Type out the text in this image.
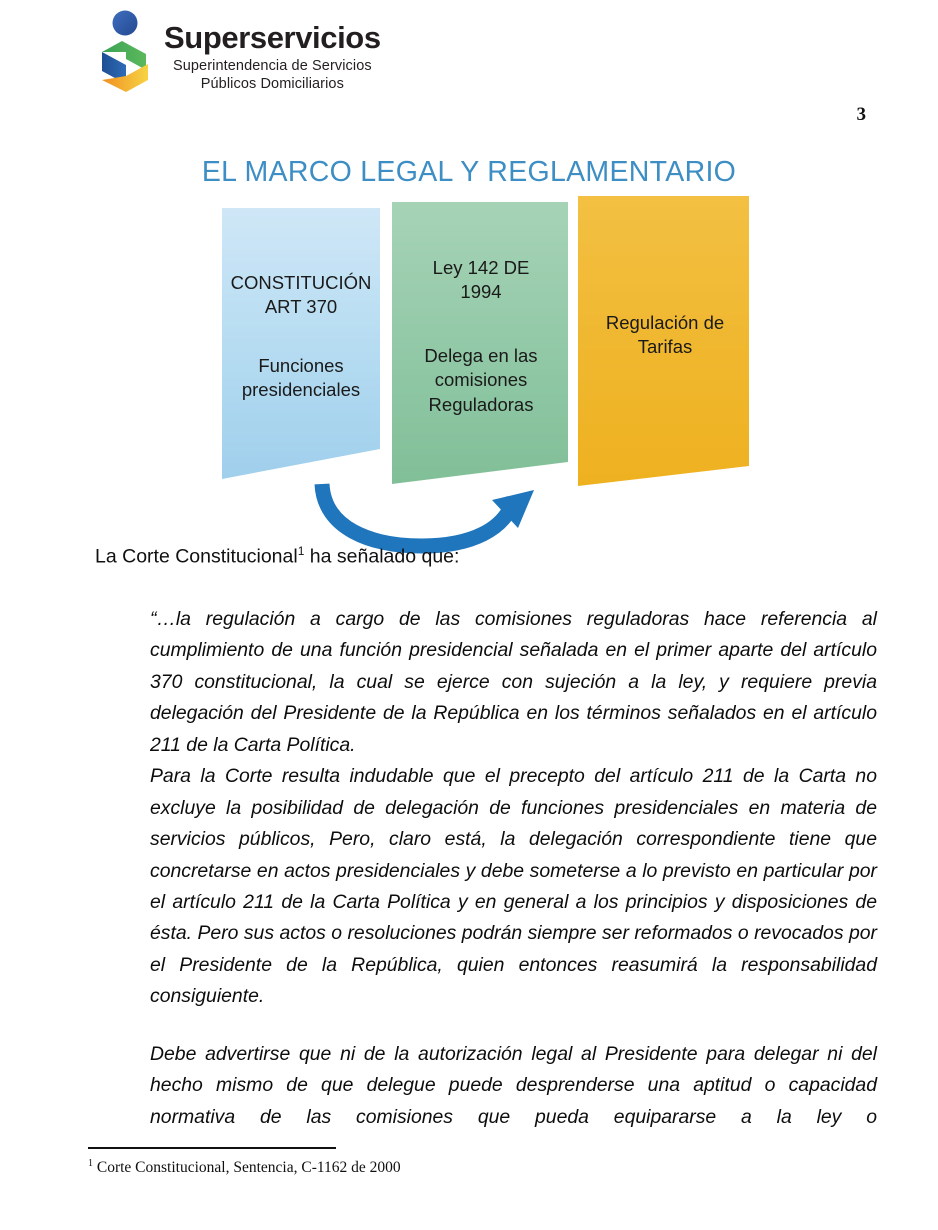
Superservicios
Superintendencia de Servicios
Públicos Domiciliarios
3
EL MARCO LEGAL Y REGLAMENTARIO
CONSTITUCIÓN
ART 370
Funciones
presidenciales
Ley 142 DE
1994
Delega en las
comisiones
Reguladoras
Regulación de
Tarifas
La Corte Constitucional$^1$ ha señalado que:

“…la regulación a cargo de las comisiones reguladoras hace referencia al cumplimiento de una función presidencial señalada en el primer aparte del artículo 370 constitucional, la cual se ejerce con sujeción a la ley, y requiere previa delegación del Presidente de la República en los términos señalados en el artículo 211 de la Carta Política.

Para la Corte resulta indudable que el precepto del artículo 211 de la Carta no excluye la posibilidad de delegación de funciones presidenciales en materia de servicios públicos, Pero, claro está, la delegación correspondiente tiene que concretarse en actos presidenciales y debe someterse a lo previsto en particular por el artículo 211 de la Carta Política y en general a los principios y disposiciones de ésta. Pero sus actos o resoluciones podrán siempre ser reformados o revocados por el Presidente de la República, quien entonces reasumirá la responsabilidad consiguiente.

Debe advertirse que ni de la autorización legal al Presidente para delegar ni del hecho mismo de que delegue puede desprenderse una aptitud o capacidad normativa de las comisiones que pueda equipararse a la ley o

$^1$ Corte Constitucional, Sentencia, C-1162 de 2000
